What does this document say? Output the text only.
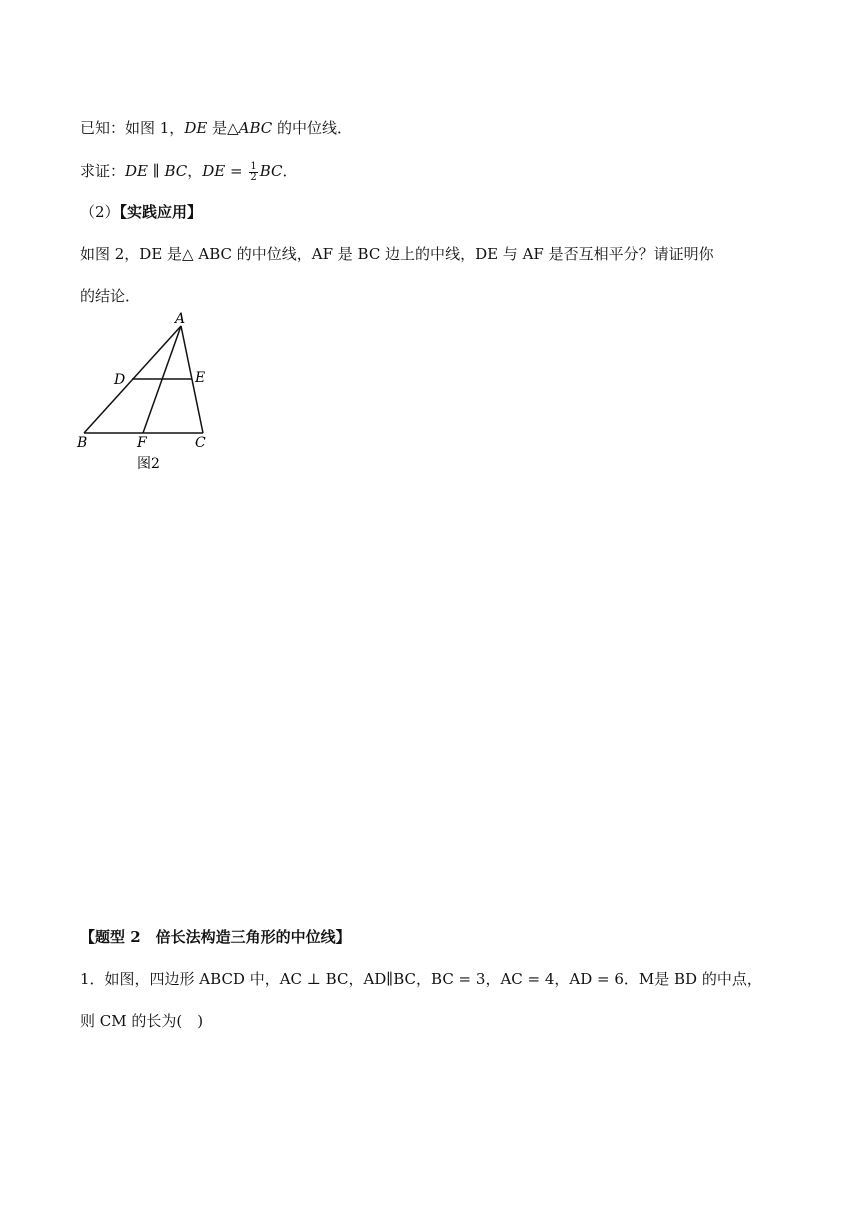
已知：如图 1，DE 是△ABC 的中位线．
求证：DE ∥ BC，DE = $\frac{1}{2}$ BC．
（2）【实践应用】
如图 2，DE 是△ ABC 的中位线，AF 是 BC 边上的中线，DE 与 AF 是否互相平分？请证明你
的结论．
A
D	E
B	F	C
图2
【题型 2　倍长法构造三角形的中位线】
1．如图，四边形 ABCD 中，AC ⊥ BC，AD∥BC，BC = 3，AC = 4，AD = 6．M是 BD 的中点，
则 CM 的长为(　)
